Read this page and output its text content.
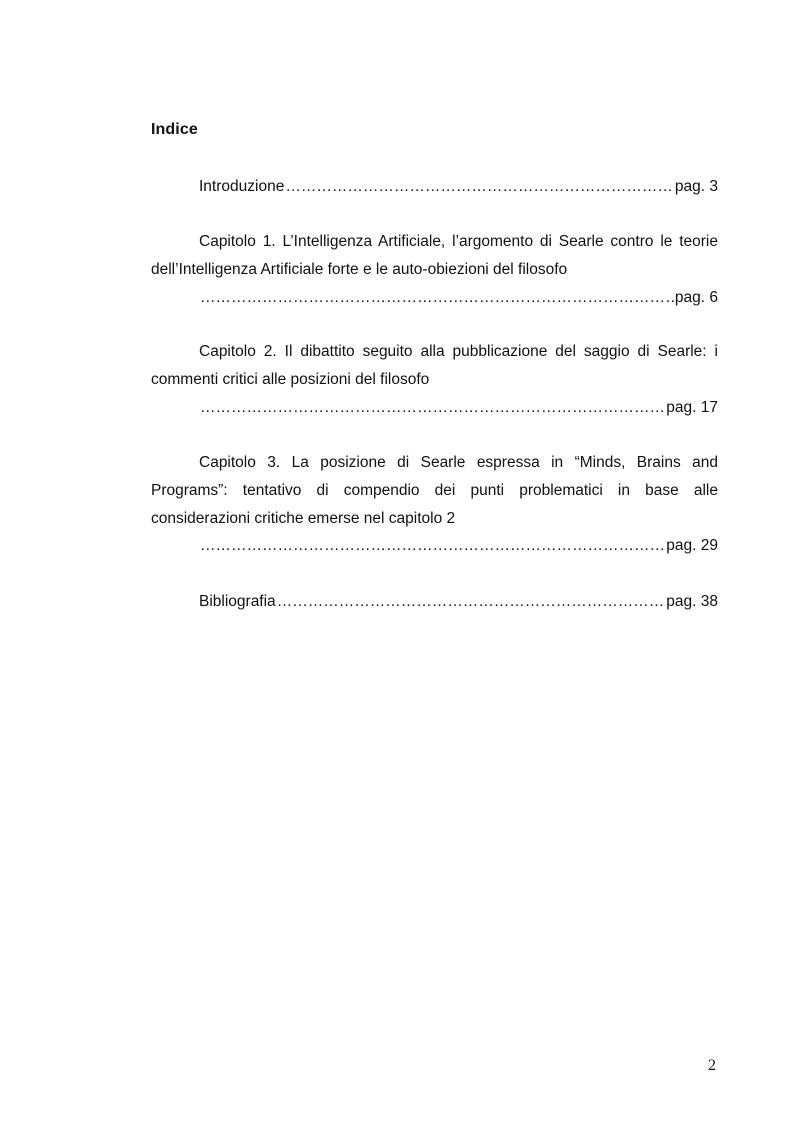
Indice
Introduzione ……………………………………………………………………………………………………………………………………………………………………	pag. 3
Capitolo 1. L’Intelligenza Artificiale, l’argomento di Searle contro le teorie
dell’Intelligenza Artificiale forte e le auto-obiezioni del filosofo
……………………………………………………………………………………………………………………………………………………………………
pag. 6
Capitolo 2. Il dibattito seguito alla pubblicazione del saggio di Searle: i
commenti critici alle posizioni del filosofo
……………………………………………………………………………………………………………………………………………………………………
pag. 17
Capitolo 3. La posizione di Searle espressa in “Minds, Brains and
Programs”: tentativo di compendio dei punti problematici in base alle
considerazioni critiche emerse nel capitolo 2
……………………………………………………………………………………………………………………………………………………………………
pag. 29
Bibliografia ……………………………………………………………………………………………………………………………………………………………………	pag. 38
2
